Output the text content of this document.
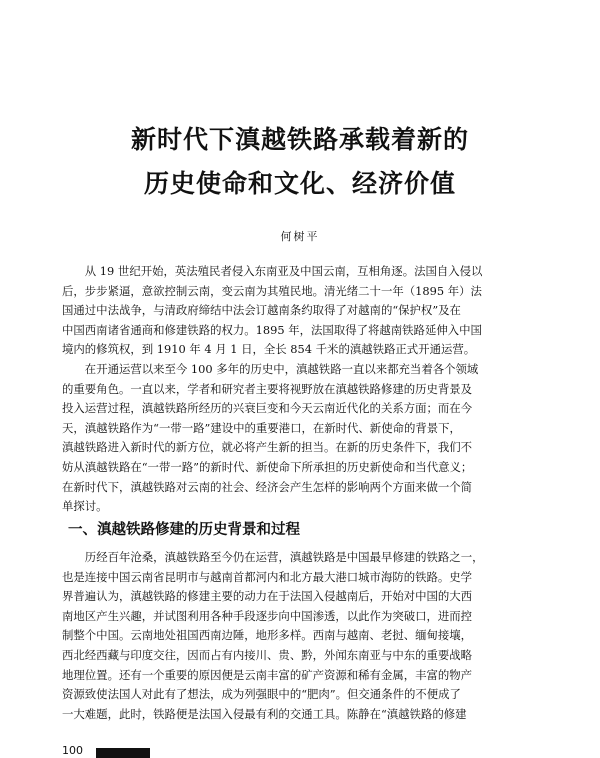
新时代下滇越铁路承载着新的
历史使命和文化、经济价值
何树平

从 19 世纪开始，英法殖民者侵入东南亚及中国云南，互相角逐。法国自入侵以
后，步步紧逼，意欲控制云南，变云南为其殖民地。清光绪二十一年（1895 年）法
国通过中法战争，与清政府缔结中法会订越南条约取得了对越南的“保护权”及在
中国西南诸省通商和修建铁路的权力。1895 年，法国取得了将越南铁路延伸入中国
境内的修筑权，到 1910 年 4 月 1 日，全长 854 千米的滇越铁路正式开通运营。

在开通运营以来至今 100 多年的历史中，滇越铁路一直以来都充当着各个领域
的重要角色。一直以来，学者和研究者主要将视野放在滇越铁路修建的历史背景及
投入运营过程，滇越铁路所经历的兴衰巨变和今天云南近代化的关系方面；而在今
天，滇越铁路作为“一带一路”建设中的重要港口，在新时代、新使命的背景下，
滇越铁路进入新时代的新方位，就必将产生新的担当。在新的历史条件下，我们不
妨从滇越铁路在“一带一路”的新时代、新使命下所承担的历史新使命和当代意义；
在新时代下，滇越铁路对云南的社会、经济会产生怎样的影响两个方面来做一个简
单探讨。

一、滇越铁路修建的历史背景和过程

历经百年沧桑，滇越铁路至今仍在运营，滇越铁路是中国最早修建的铁路之一，
也是连接中国云南省昆明市与越南首都河内和北方最大港口城市海防的铁路。史学
界普遍认为，滇越铁路的修建主要的动力在于法国入侵越南后，开始对中国的大西
南地区产生兴趣，并试图利用各种手段逐步向中国渗透，以此作为突破口，进而控
制整个中国。云南地处祖国西南边陲，地形多样。西南与越南、老挝、缅甸接壤，
西北经西藏与印度交往，因而占有内接川、贵、黔，外闻东南亚与中东的重要战略
地理位置。还有一个重要的原因便是云南丰富的矿产资源和稀有金属，丰富的物产
资源致使法国人对此有了想法，成为列强眼中的“肥肉”。但交通条件的不便成了
一大难题，此时，铁路便是法国入侵最有利的交通工具。陈静在“滇越铁路的修建

100
